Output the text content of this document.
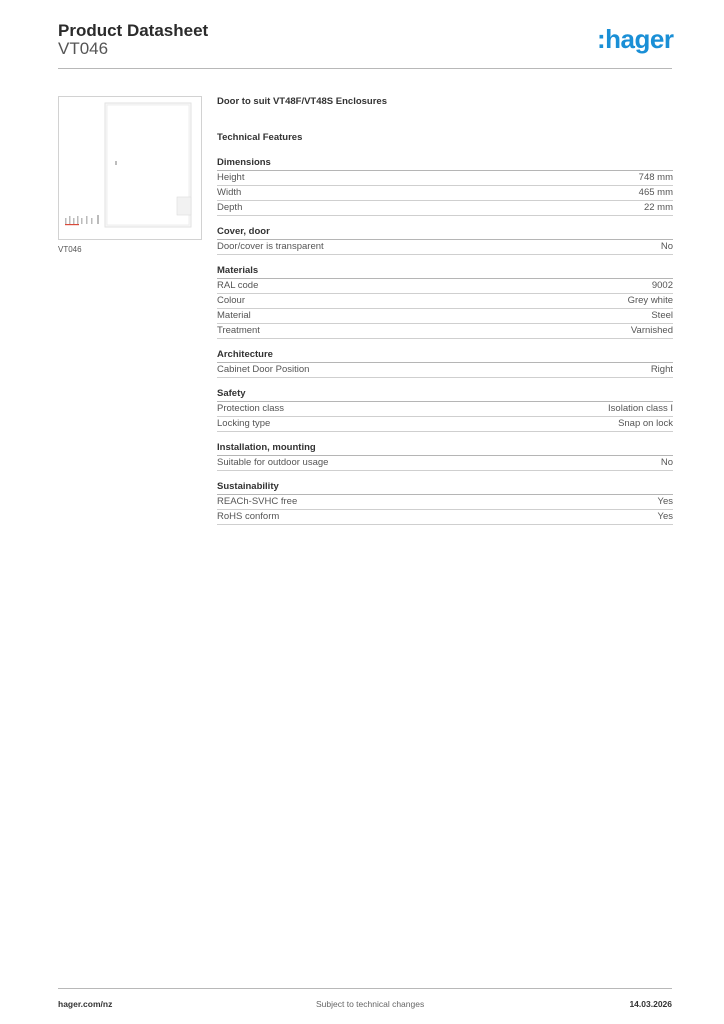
Product Datasheet
VT046	:hager
VT046
Door to suit VT48F/VT48S Enclosures
Technical Features
Dimensions
Height	748 mm
Width	465 mm
Depth	22 mm
Cover, door
Door/cover is transparent	No
Materials
RAL code	9002
Colour	Grey white
Material	Steel
Treatment	Varnished
Architecture
Cabinet Door Position	Right
Safety
Protection class	Isolation class I
Locking type	Snap on lock
Installation, mounting
Suitable for outdoor usage	No
Sustainability
REACh-SVHC free	Yes
RoHS conform	Yes
hager.com/nz	Subject to technical changes	14.03.2026
